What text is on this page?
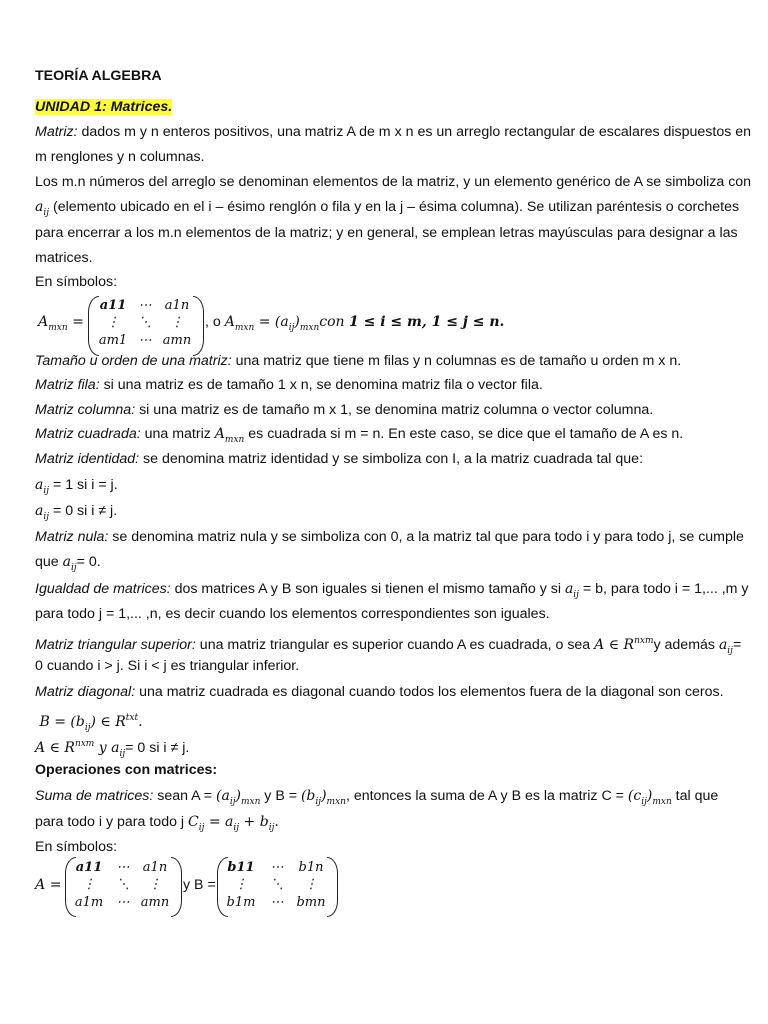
TEORÍA ALGEBRA
UNIDAD 1: Matrices.
Matriz: dados m y n enteros positivos, una matriz A de m x n es un arreglo rectangular de escalares dispuestos en
m renglones y n columnas.
Los m.n números del arreglo se denominan elementos de la matriz, y un elemento genérico de A se simboliza con
$a_{ij}$ (elemento ubicado en el i – ésimo renglón o fila y en la j – ésima columna). Se utilizan paréntesis o corchetes
para encerrar a los m.n elementos de la matriz; y en general, se emplean letras mayúsculas para designar a las
matrices.
En símbolos:
$A_{mxn}$ =
a11 ⋯	a1n
⋮	⋱	⋮
am1 ⋯ amn
, o $A_{mxn} = (a_{ij})_{mxn}con$ 1 ≤ i ≤ m, 1 ≤ j ≤ n.
Tamaño u orden de una matriz: una matriz que tiene m filas y n columnas es de tamaño u orden m x n.
Matriz fila: si una matriz es de tamaño 1 x n, se denomina matriz fila o vector fila.
Matriz columna: si una matriz es de tamaño m x 1, se denomina matriz columna o vector columna.
Matriz cuadrada: una matriz $A_{mxn}$ es cuadrada si m = n. En este caso, se dice que el tamaño de A es n.
Matriz identidad: se denomina matriz identidad y se simboliza con I, a la matriz cuadrada tal que:
$a_{ij} = 1$ si i = j.
$a_{ij} = 0$ si i ≠ j.
Matriz nula: se denomina matriz nula y se simboliza con 0, a la matriz tal que para todo i y para todo j, se cumple
que $a_{ij}= 0$.
Igualdad de matrices: dos matrices A y B son iguales si tienen el mismo tamaño y si $a_{ij} = b$, para todo i = 1,... ,m y
para todo j = 1,... ,n, es decir cuando los elementos correspondientes son iguales.
Matriz triangular superior: una matriz triangular es superior cuando A es cuadrada, o sea A ∈ $R^{nxm}y$ además $a_{ij}=$
0 cuando i > j. Si i < j es triangular inferior.
Matriz diagonal: una matriz cuadrada es diagonal cuando todos los elementos fuera de la diagonal son ceros.
$B = (b_{ij})$ ∈ $R^{txt}$.
A ∈ $R^{nxm}$ y $a_{ij}= 0$ si i ≠ j.
Operaciones con matrices:
Suma de matrices: sean $A = (a_{ij})_{mxn}$ y $B = (b_{ij})_{mxn}$, entonces la suma de A y B es la matriz $C = (c_{ij})_{mxn}$ tal que
para todo i y para todo j $C_{ij} = a_{ij} + b_{ij}$.
En símbolos:
A =
a11	⋯	a1n
⋮	⋱	⋮
a1m	⋯ amn
y B =
b11	⋯	b1n
⋮	⋱	⋮
b1m	⋯ bmn
